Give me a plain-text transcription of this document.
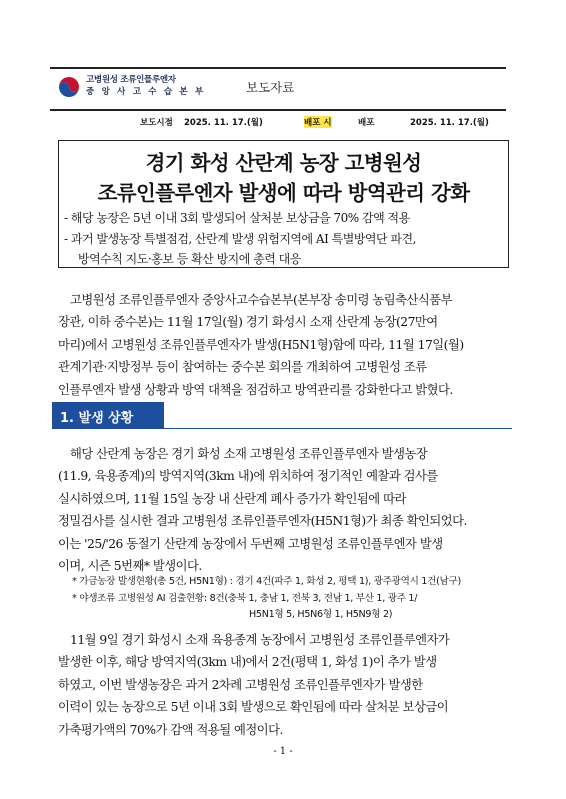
고병원성 조류인플루엔자
중 앙 사 고 수 습 본 부	보도자료
보도시점 2025. 11. 17.(월)	배포 시	배포	2025. 11. 17.(월)
경기 화성 산란계 농장 고병원성
조류인플루엔자 발생에 따라 방역관리 강화
- 해당 농장은 5년 이내 3회 발생되어 살처분 보상금을 70% 감액 적용
- 과거 발생농장 특별점검, 산란계 발생 위험지역에 AI 특별방역단 파견,
방역수칙 지도·홍보 등 확산 방지에 총력 대응
고병원성 조류인플루엔자 중앙사고수습본부(본부장 송미령 농림축산식품부
장관, 이하 중수본)는 11월 17일(월) 경기 화성시 소재 산란계 농장(27만여
마리)에서 고병원성 조류인플루엔자가 발생(H5N1형)함에 따라, 11월 17일(월)
관계기관·지방정부 등이 참여하는 중수본 회의를 개최하여 고병원성 조류
인플루엔자 발생 상황과 방역 대책을 점검하고 방역관리를 강화한다고 밝혔다.
1. 발생 상황
해당 산란계 농장은 경기 화성 소재 고병원성 조류인플루엔자 발생농장
(11.9, 육용종계)의 방역지역(3km 내)에 위치하여 정기적인 예찰과 검사를
실시하였으며, 11월 15일 농장 내 산란계 폐사 증가가 확인됨에 따라
정밀검사를 실시한 결과 고병원성 조류인플루엔자(H5N1형)가 최종 확인되었다.
이는 '25/'26 동절기 산란계 농장에서 두번째 고병원성 조류인플루엔자 발생
이며, 시즌 5번째* 발생이다.
* 가금농장 발생현황(총 5건, H5N1형) : 경기 4건(파주 1, 화성 2, 평택 1), 광주광역시 1건(남구)
* 야생조류 고병원성 AI 검출현황: 8건(충북 1, 충남 1, 전북 3, 전남 1, 부산 1, 광주 1/
H5N1형 5, H5N6형 1, H5N9형 2)
11월 9일 경기 화성시 소재 육용종계 농장에서 고병원성 조류인플루엔자가
발생한 이후, 해당 방역지역(3km 내)에서 2건(평택 1, 화성 1)이 추가 발생
하였고, 이번 발생농장은 과거 2차례 고병원성 조류인플루엔자가 발생한
이력이 있는 농장으로 5년 이내 3회 발생으로 확인됨에 따라 살처분 보상금이
가축평가액의 70%가 감액 적용될 예정이다.
- 1 -
